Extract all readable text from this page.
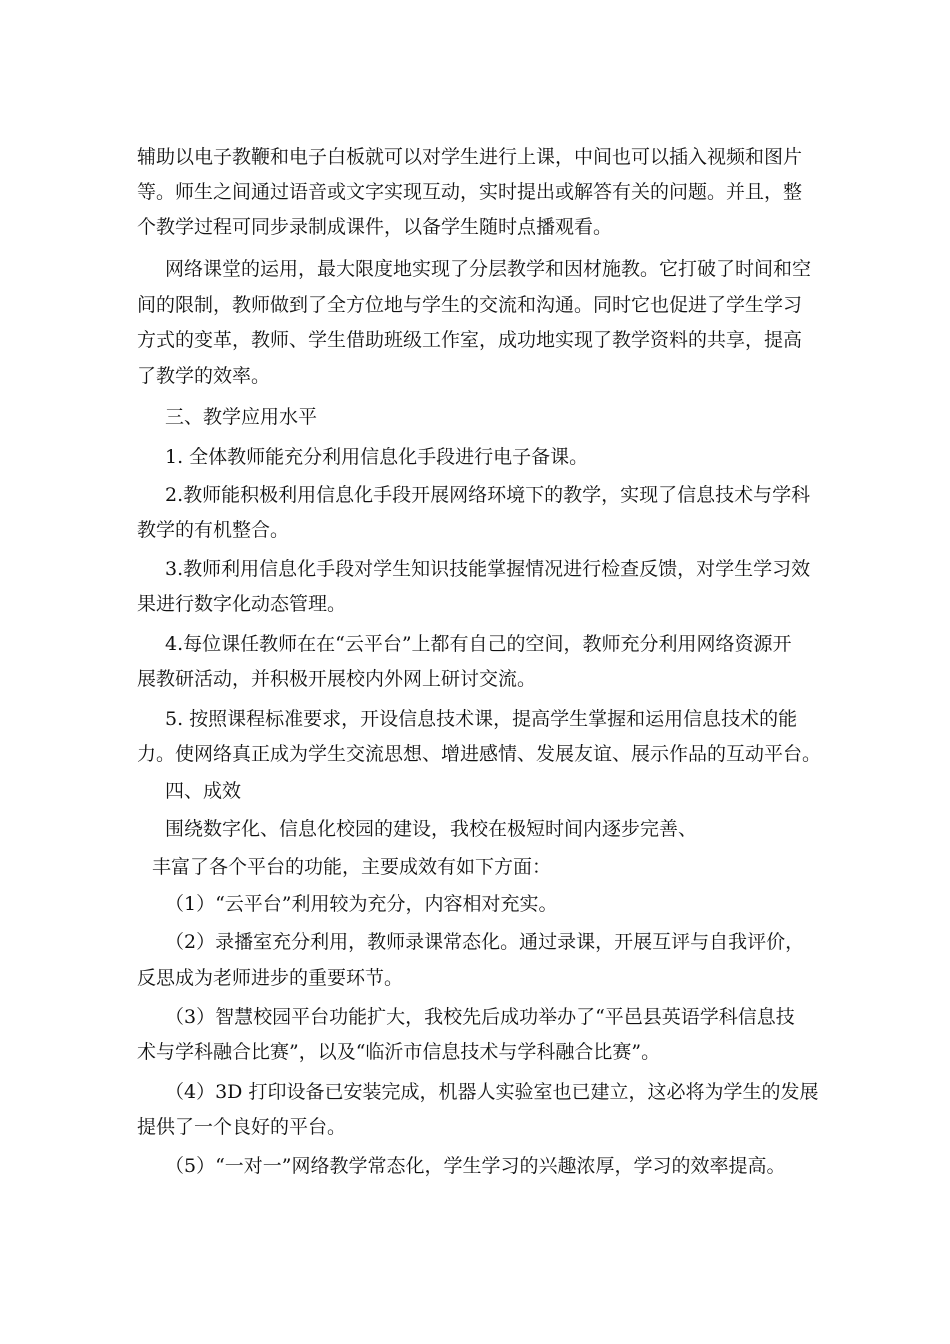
辅助以电子教鞭和电子白板就可以对学生进行上课，中间也可以插入视频和图片
等。师生之间通过语音或文字实现互动，实时提出或解答有关的问题。并且，整
个教学过程可同步录制成课件，以备学生随时点播观看。
网络课堂的运用，最大限度地实现了分层教学和因材施教。它打破了时间和空
间的限制，教师做到了全方位地与学生的交流和沟通。同时它也促进了学生学习
方式的变革，教师、学生借助班级工作室，成功地实现了教学资料的共享，提高
了教学的效率。
三、教学应用水平
1. 全体教师能充分利用信息化手段进行电子备课。
2.教师能积极利用信息化手段开展网络环境下的教学，实现了信息技术与学科
教学的有机整合。
3.教师利用信息化手段对学生知识技能掌握情况进行检查反馈，对学生学习效
果进行数字化动态管理。
4.每位课任教师在在“云平台”上都有自己的空间，教师充分利用网络资源开
展教研活动，并积极开展校内外网上研讨交流。
5. 按照课程标准要求，开设信息技术课，提高学生掌握和运用信息技术的能
力。使网络真正成为学生交流思想、增进感情、发展友谊、展示作品的互动平台。
四、成效
围绕数字化、信息化校园的建设，我校在极短时间内逐步完善、
丰富了各个平台的功能，主要成效有如下方面：
（1）“云平台”利用较为充分，内容相对充实。
（2）录播室充分利用，教师录课常态化。通过录课，开展互评与自我评价，
反思成为老师进步的重要环节。
（3）智慧校园平台功能扩大，我校先后成功举办了“平邑县英语学科信息技
术与学科融合比赛”，以及“临沂市信息技术与学科融合比赛”。
（4）3D 打印设备已安装完成，机器人实验室也已建立，这必将为学生的发展
提供了一个良好的平台。
（5）“一对一”网络教学常态化，学生学习的兴趣浓厚，学习的效率提高。
